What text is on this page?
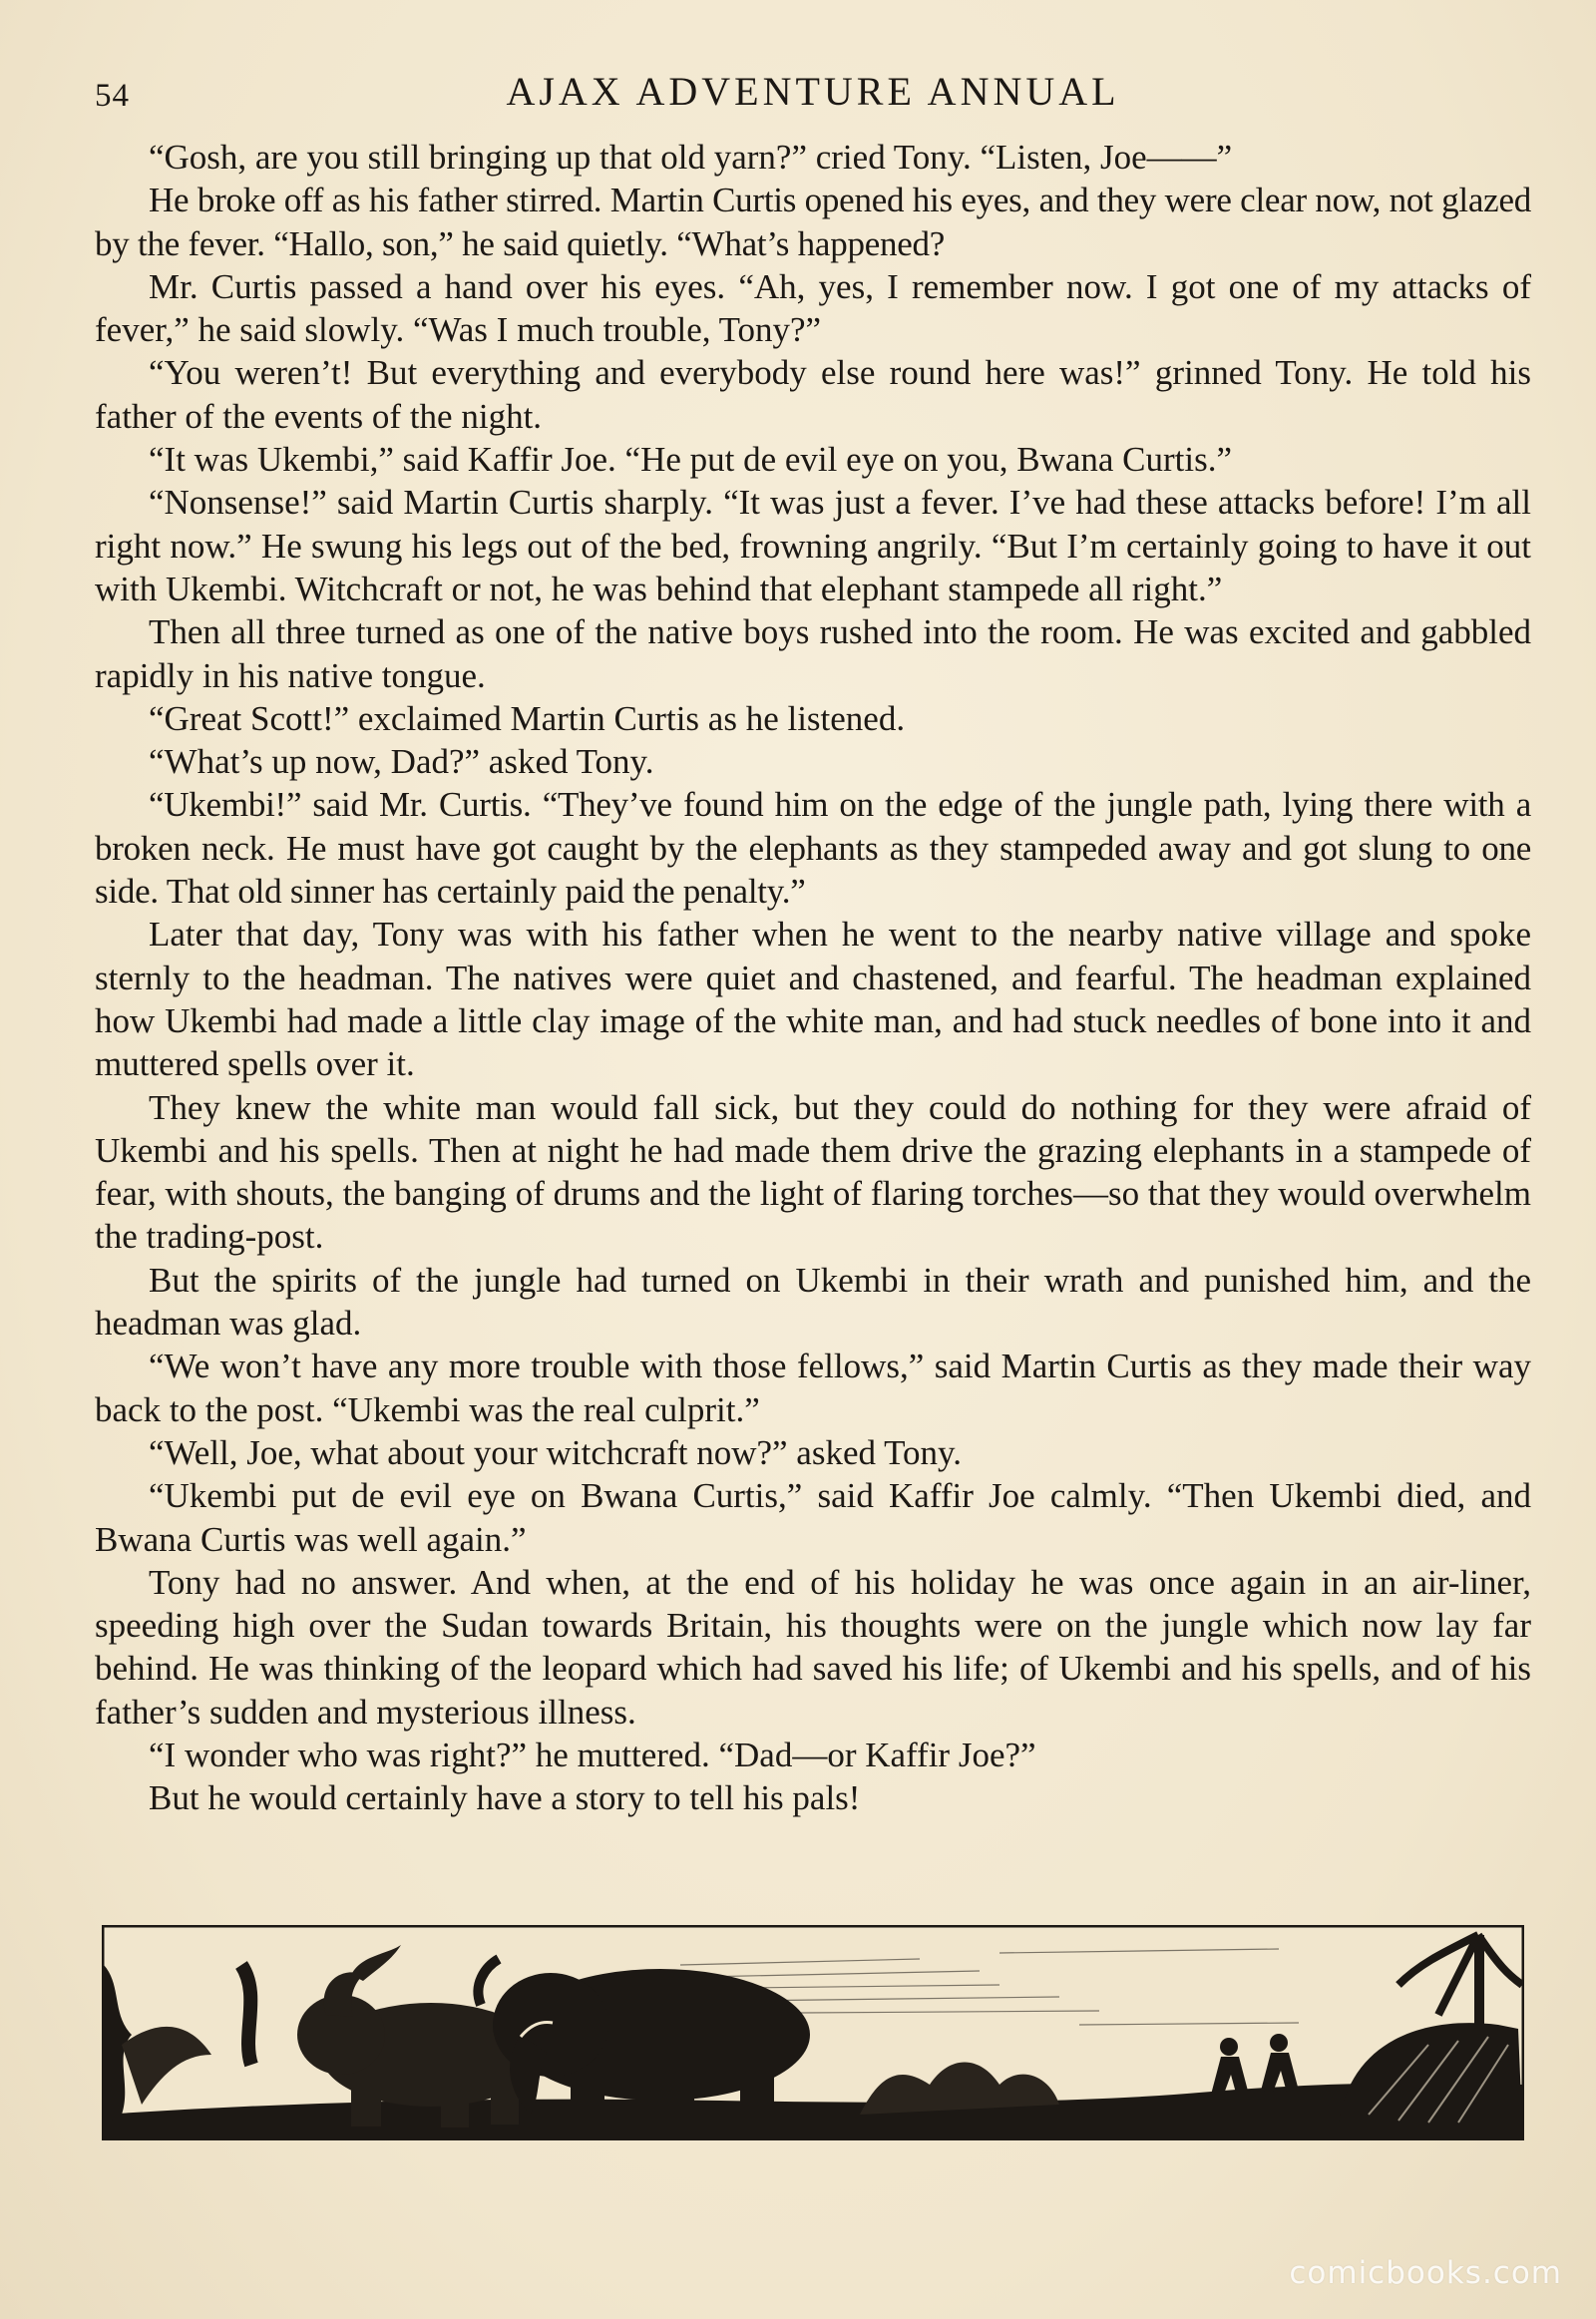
54	AJAX ADVENTURE ANNUAL

“Gosh, are you still bringing up that old yarn?” cried Tony. “Listen, Joe——”

He broke off as his father stirred. Martin Curtis opened his eyes, and they were clear now, not glazed by the fever. “Hallo, son,” he said quietly. “What’s happened?

Mr. Curtis passed a hand over his eyes. “Ah, yes, I remember now. I got one of my attacks of fever,” he said slowly. “Was I much trouble, Tony?”

“You weren’t! But everything and everybody else round here was!” grinned Tony. He told his father of the events of the night.

“It was Ukembi,” said Kaffir Joe. “He put de evil eye on you, Bwana Curtis.”

“Nonsense!” said Martin Curtis sharply. “It was just a fever. I’ve had these attacks before! I’m all right now.” He swung his legs out of the bed, frowning angrily. “But I’m certainly going to have it out with Ukembi. Witchcraft or not, he was behind that elephant stampede all right.”

Then all three turned as one of the native boys rushed into the room. He was excited and gabbled rapidly in his native tongue.

“Great Scott!” exclaimed Martin Curtis as he listened.

“What’s up now, Dad?” asked Tony.

“Ukembi!” said Mr. Curtis. “They’ve found him on the edge of the jungle path, lying there with a broken neck. He must have got caught by the elephants as they stampeded away and got slung to one side. That old sinner has certainly paid the penalty.”

Later that day, Tony was with his father when he went to the nearby native village and spoke sternly to the headman. The natives were quiet and chastened, and fearful. The headman explained how Ukembi had made a little clay image of the white man, and had stuck needles of bone into it and muttered spells over it.

They knew the white man would fall sick, but they could do nothing for they were afraid of Ukembi and his spells. Then at night he had made them drive the grazing elephants in a stampede of fear, with shouts, the banging of drums and the light of flaring torches—so that they would overwhelm the trading-post.

But the spirits of the jungle had turned on Ukembi in their wrath and punished him, and the headman was glad.

“We won’t have any more trouble with those fellows,” said Martin Curtis as they made their way back to the post. “Ukembi was the real culprit.”

“Well, Joe, what about your witchcraft now?” asked Tony.

“Ukembi put de evil eye on Bwana Curtis,” said Kaffir Joe calmly. “Then Ukembi died, and Bwana Curtis was well again.”

Tony had no answer. And when, at the end of his holiday he was once again in an air-liner, speeding high over the Sudan towards Britain, his thoughts were on the jungle which now lay far behind. He was thinking of the leopard which had saved his life; of Ukembi and his spells, and of his father’s sudden and mysterious illness.

“I wonder who was right?” he muttered. “Dad—or Kaffir Joe?”

But he would certainly have a story to tell his pals!

comicbooks.com
